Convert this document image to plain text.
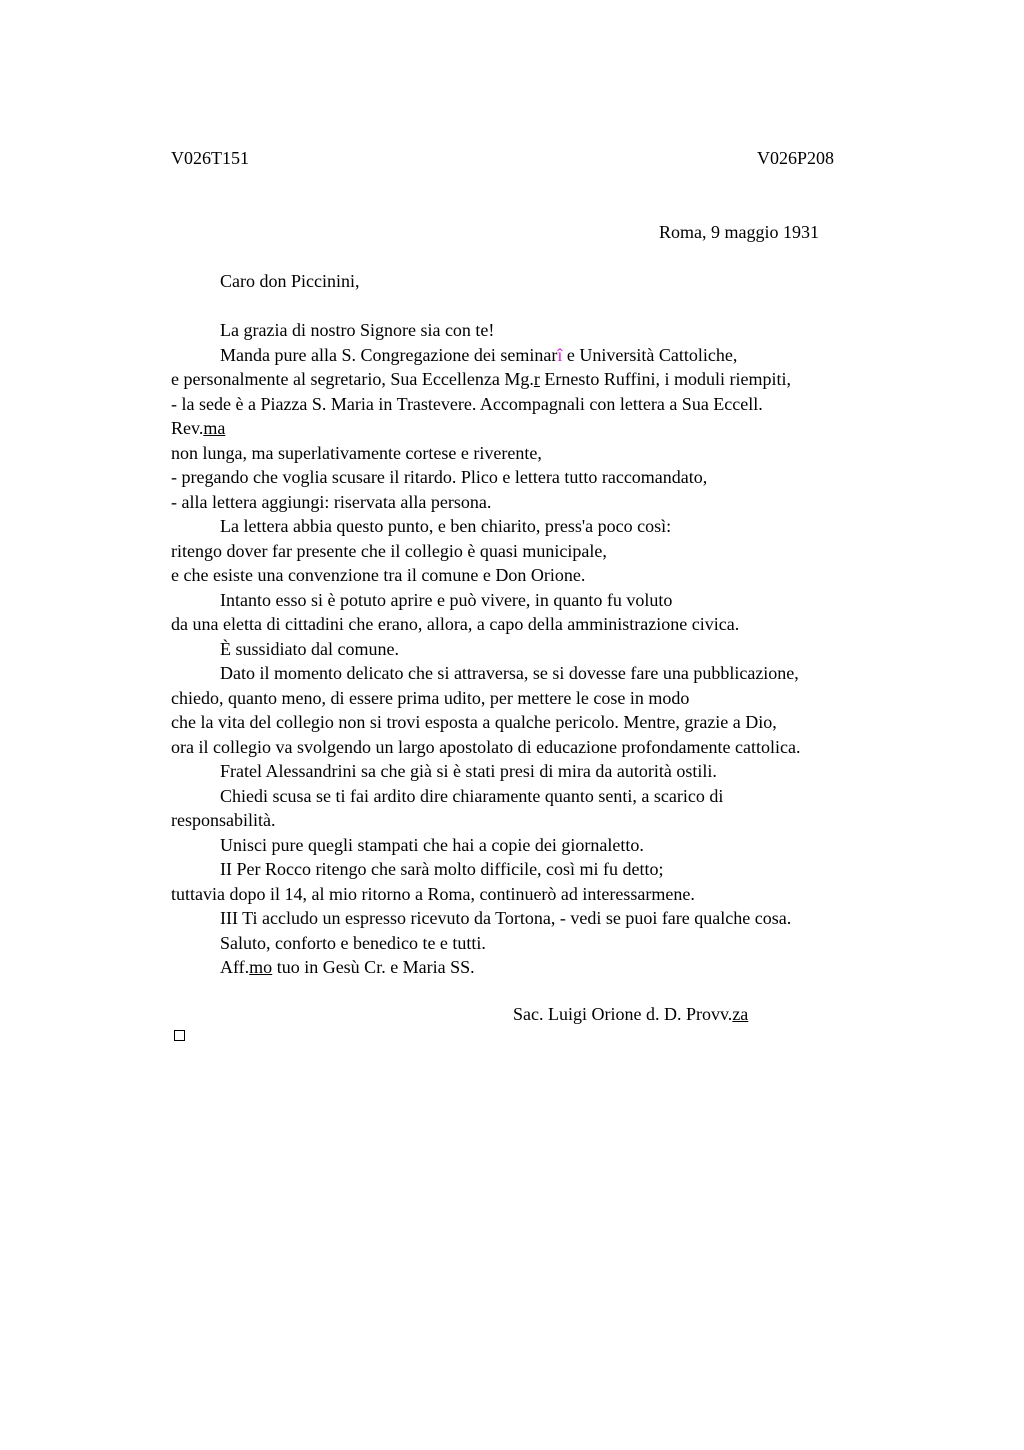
V026T151	V026P208
Roma, 9 maggio 1931
Caro don Piccinini,
La grazia di nostro Signore sia con te!
Manda pure alla S. Congregazione dei seminarî e Università Cattoliche,
e personalmente al segretario, Sua Eccellenza Mg.r Ernesto Ruffini, i moduli riempiti,
- la sede è a Piazza S. Maria in Trastevere. Accompagnali con lettera a Sua Eccell.
Rev.ma
non lunga, ma superlativamente cortese e riverente,
- pregando che voglia scusare il ritardo. Plico e lettera tutto raccomandato,
- alla lettera aggiungi: riservata alla persona.
La lettera abbia questo punto, e ben chiarito, press'a poco così:
ritengo dover far presente che il collegio è quasi municipale,
e che esiste una convenzione tra il comune e Don Orione.
Intanto esso si è potuto aprire e può vivere, in quanto fu voluto
da una eletta di cittadini che erano, allora, a capo della amministrazione civica.
È sussidiato dal comune.
Dato il momento delicato che si attraversa, se si dovesse fare una pubblicazione,
chiedo, quanto meno, di essere prima udito, per mettere le cose in modo
che la vita del collegio non si trovi esposta a qualche pericolo. Mentre, grazie a Dio,
ora il collegio va svolgendo un largo apostolato di educazione profondamente cattolica.
Fratel Alessandrini sa che già si è stati presi di mira da autorità ostili.
Chiedi scusa se ti fai ardito dire chiaramente quanto senti, a scarico di
responsabilità.
Unisci pure quegli stampati che hai a copie dei giornaletto.
II Per Rocco ritengo che sarà molto difficile, così mi fu detto;
tuttavia dopo il 14, al mio ritorno a Roma, continuerò ad interessarmene.
III Ti accludo un espresso ricevuto da Tortona, - vedi se puoi fare qualche cosa.
Saluto, conforto e benedico te e tutti.
Aff.mo tuo in Gesù Cr. e Maria SS.
Sac. Luigi Orione d. D. Provv.za
